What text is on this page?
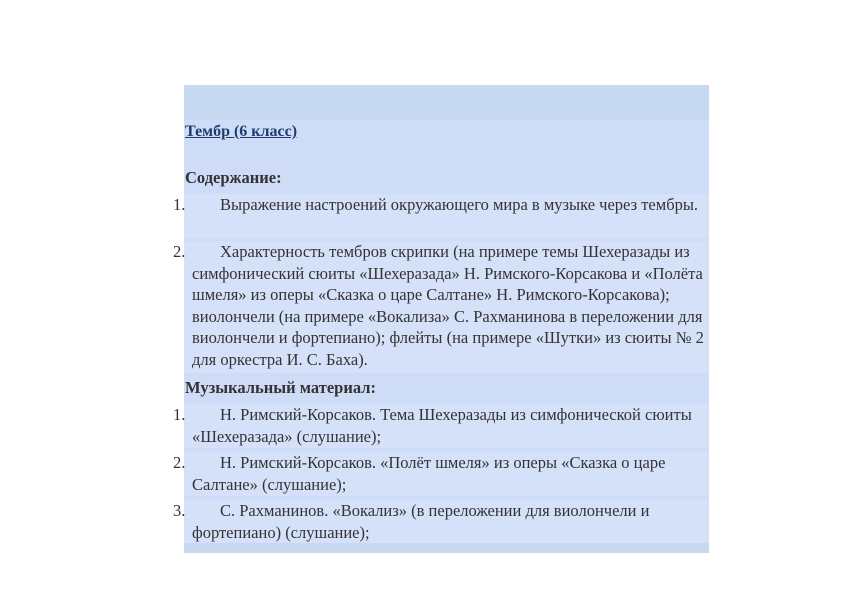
Тембр (6 класс)
Содержание:
1.	Выражение настроений окружающего мира в музыке через тембры.

2.	Характерность тембров скрипки (на примере темы Шехеразады из симфонический сюиты «Шехеразада» Н. Римского-Корсакова и «Полёта шмеля» из оперы «Сказка о царе Салтане» Н. Римского-Корсакова); виолончели (на примере «Вокализа» С. Рахманинова в переложении для виолончели и фортепиано); флейты (на примере «Шутки» из сюиты № 2 для оркестра И. С. Баха).

Музыкальный материал:
1.	Н. Римский-Корсаков. Тема Шехеразады из симфонической сюиты «Шехеразада» (слушание);

2.	Н. Римский-Корсаков. «Полёт шмеля» из оперы «Сказка о царе Салтане» (слушание);

3.	С. Рахманинов. «Вокализ» (в переложении для виолончели и фортепиано) (слушание);
